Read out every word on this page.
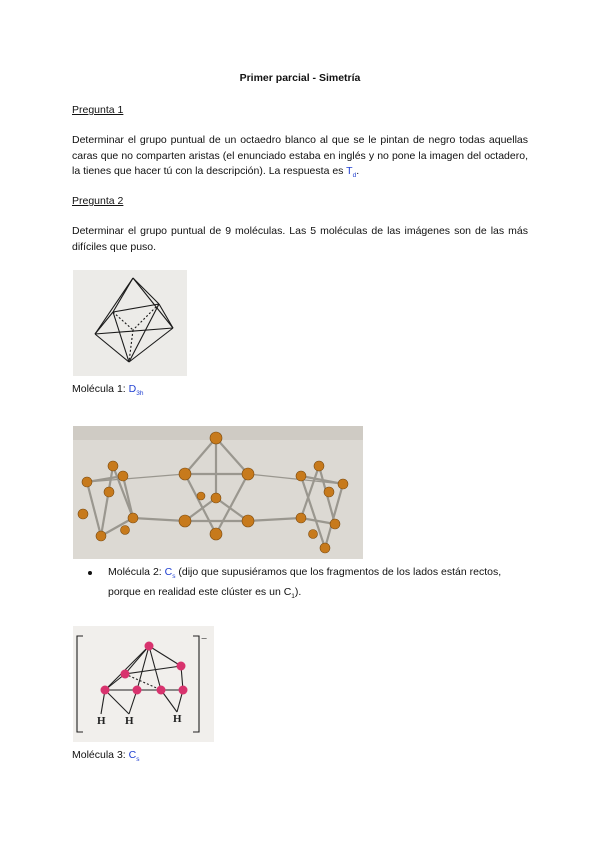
Primer parcial - Simetría
Pregunta 1
Determinar el grupo puntual de un octaedro blanco al que se le pintan de negro todas aquellas caras que no comparten aristas (el enunciado estaba en inglés y no pone la imagen del octadero, la tienes que hacer tú con la descripción). La respuesta es $T_d$.
Pregunta 2
Determinar el grupo puntual de 9 moléculas. Las 5 moléculas de las imágenes son de las más difíciles que puso.
Molécula 1: $D_{3h}$
Molécula 2: $C_s$ (dijo que supusiéramos que los fragmentos de los lados están rectos, porque en realidad este clúster es un $C_1$).
H H	H
−
Molécula 3: $C_s$
